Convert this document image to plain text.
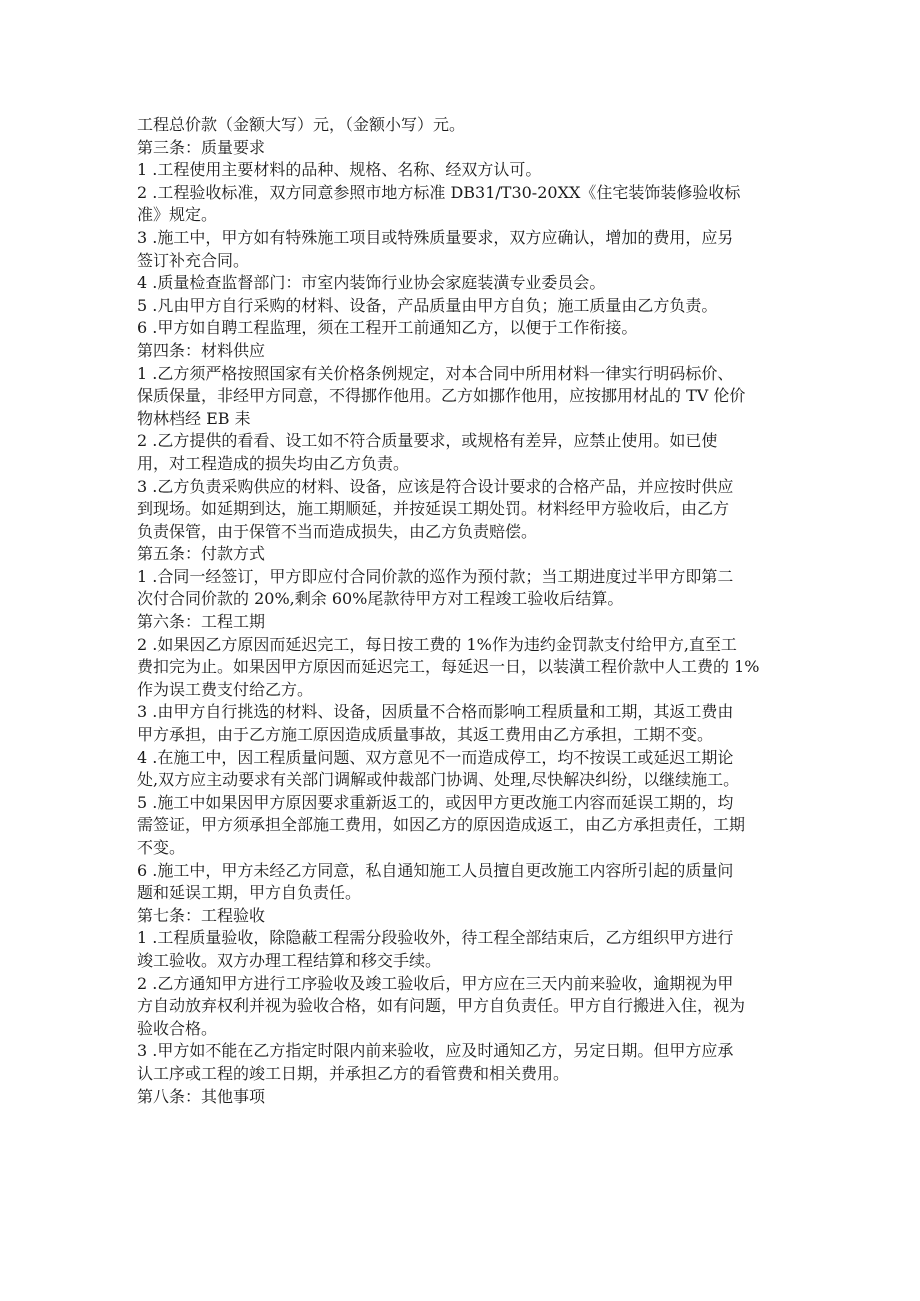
工程总价款（金额大写）元，（金额小写）元。
第三条：质量要求
1 .工程使用主要材料的品种、规格、名称、经双方认可。
2 .工程验收标准，双方同意参照市地方标准 DB31/T30-20XX《住宅装饰装修验收标
准》规定。
3 .施工中，甲方如有特殊施工项目或特殊质量要求，双方应确认，增加的费用，应另
签订补充合同。
4 .质量检查监督部门：市室内装饰行业协会家庭装潢专业委员会。
5 .凡由甲方自行采购的材料、设备，产品质量由甲方自负；施工质量由乙方负责。
6 .甲方如自聘工程监理，须在工程开工前通知乙方，以便于工作衔接。
第四条：材料供应
1 .乙方须严格按照国家有关价格条例规定，对本合同中所用材料一律实行明码标价、
保质保量，非经甲方同意，不得挪作他用。乙方如挪作他用，应按挪用材乩的 TV 伦价
物林档经 EB 耒
2 .乙方提供的看看、设工如不符合质量要求，或规格有差异，应禁止使用。如已使
用，对工程造成的损失均由乙方负责。
3 .乙方负责采购供应的材料、设备，应该是符合设计要求的合格产品，并应按时供应
到现场。如延期到达，施工期顺延，并按延误工期处罚。材料经甲方验收后，由乙方
负责保管，由于保管不当而造成损失，由乙方负责赔偿。
第五条：付款方式
1 .合同一经签订，甲方即应付合同价款的巡作为预付款；当工期进度过半甲方即第二
次付合同价款的 20%,剩余 60%尾款待甲方对工程竣工验收后结算。
第六条：工程工期
2 .如果因乙方原因而延迟完工，每日按工费的 1%作为违约金罚款支付给甲方,直至工
费扣完为止。如果因甲方原因而延迟完工，每延迟一日，以装潢工程价款中人工费的 1%
作为误工费支付给乙方。
3 .由甲方自行挑选的材料、设备，因质量不合格而影响工程质量和工期，其返工费由
甲方承担，由于乙方施工原因造成质量事故，其返工费用由乙方承担，工期不变。
4 .在施工中，因工程质量问题、双方意见不一而造成停工，均不按误工或延迟工期论
处,双方应主动要求有关部门调解或仲裁部门协调、处理,尽快解决纠纷，以继续施工。
5 .施工中如果因甲方原因要求重新返工的，或因甲方更改施工内容而延误工期的，均
需签证，甲方须承担全部施工费用，如因乙方的原因造成返工，由乙方承担责任，工期
不变。
6 .施工中，甲方未经乙方同意，私自通知施工人员擅自更改施工内容所引起的质量问
题和延误工期，甲方自负责任。
第七条：工程验收
1 .工程质量验收，除隐蔽工程需分段验收外，待工程全部结束后，乙方组织甲方进行
竣工验收。双方办理工程结算和移交手续。
2 .乙方通知甲方进行工序验收及竣工验收后，甲方应在三天内前来验收，逾期视为甲
方自动放弃权利并视为验收合格，如有问题，甲方自负责任。甲方自行搬进入住，视为
验收合格。
3 .甲方如不能在乙方指定时限内前来验收，应及时通知乙方，另定日期。但甲方应承
认工序或工程的竣工日期，并承担乙方的看管费和相关费用。
第八条：其他事项
